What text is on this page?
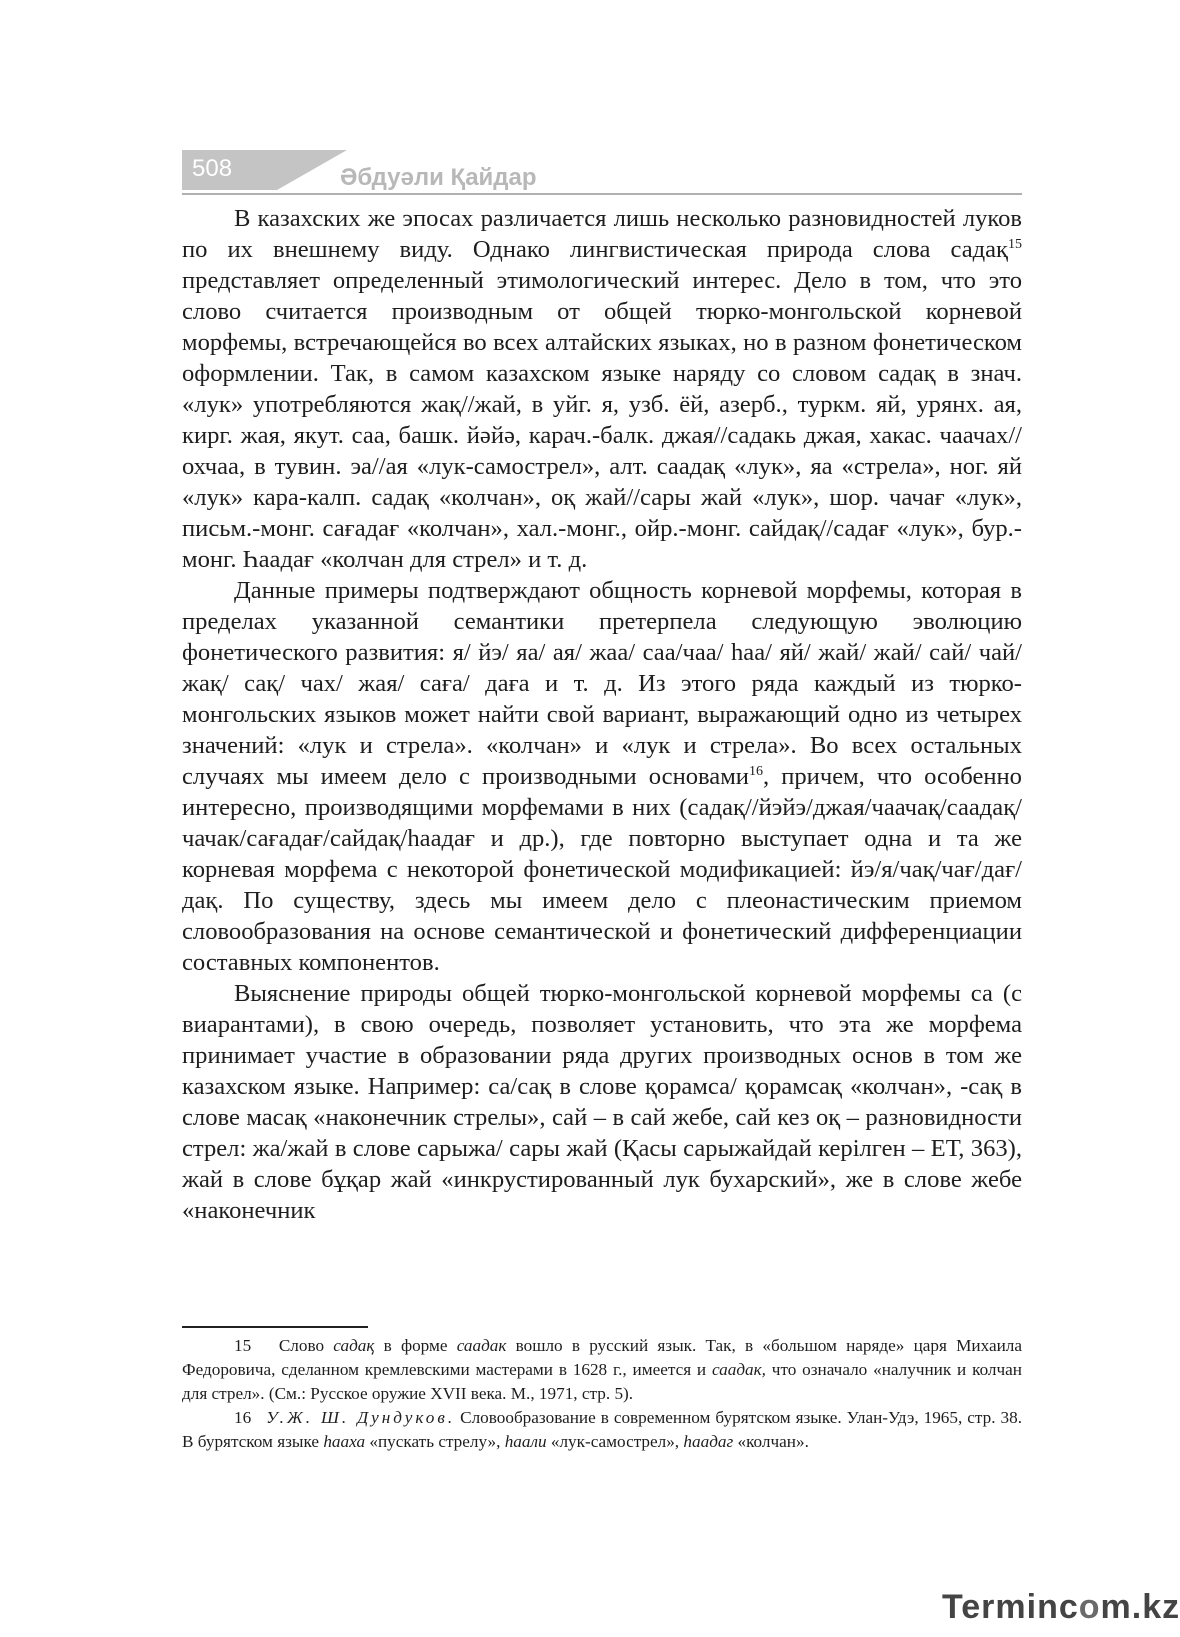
508	Әбдуәли Қайдар

В казахских же эпосах различается лишь несколько разновидностей луков по их внешнему виду. Однако лингвистическая природа слова садақ$^{15}$ представляет определенный этимологический интерес. Дело в том, что это слово считается производным от общей тюрко-монгольской корневой морфемы, встречающейся во всех алтайских языках, но в разном фонетическом оформлении. Так, в самом казахском языке наряду со словом садақ в знач. «лук» употребляются жақ//жай, в уйг. я, узб. ёй, азерб., туркм. яй, урянх. ая, кирг. жая, якут. саа, башк. йәйә, карач.-балк. джая//садакь джая, хакас. чаачах//охчаа, в тувин. эа//ая «лук-самострел», алт. саадақ «лук», яа «стрела», ног. яй «лук» кара-калп. садақ «колчан», оқ жай//сары жай «лук», шор. чачағ «лук», письм.-монг. сағадағ «колчан», хал.-монг., ойр.-монг. сайдақ//садағ «лук», бур.-монг. Һаадағ «колчан для стрел» и т. д.

Данные примеры подтверждают общность корневой морфемы, которая в пределах указанной семантики претерпела следующую эволюцию фонетического развития: я/ йэ/ яа/ ая/ жаа/ саа/чаа/ һаа/ яй/ жай/ жай/ сай/ чай/ жақ/ сақ/ чах/ жая/ сағa/ дағa и т. д. Из этого ряда каждый из тюрко-монгольских языков может найти свой вариант, выражающий одно из четырех значений: «лук и стрела». «колчан» и «лук и стрела». Во всех остальных случаях мы имеем дело с производными основами$^{16}$, причем, что особенно интересно, производящими морфемами в них (садақ//йэйэ/джая/чаачақ/саадақ/чачак/сағадағ/сайдақ/һаадағ и др.), где повторно выступает одна и та же корневая морфема с некоторой фонетической модификацией: йэ/я/чақ/чағ/дағ/дақ. По существу, здесь мы имеем дело с плеонастическим приемом словообразования на основе семантической и фонетический дифференциации составных компонентов.

Выяснение природы общей тюрко-монгольской корневой морфемы са (с виарантами), в свою очередь, позволяет установить, что эта же морфема принимает участие в образовании ряда других производных основ в том же казахском языке. Например: са/сақ в слове қорамса/ қорамсақ «колчан», -сақ в слове масақ «наконечник стрелы», сай – в сай жебе, сай кез оқ – разновидности стрел: жа/жай в слове сарыжа/ сары жай (Қасы сарыжайдай керілген – ЕТ, 363), жай в слове бұқар жай «инкрустированный лук бухарский», же в слове жебе «наконечник

15 Слово садақ в форме саадак вошло в русский язык. Так, в «большом наряде» царя Михаила Федоровича, сделанном кремлевскими мастерами в 1628 г., имеется и саадак, что означало «налучник и колчан для стрел». (См.: Русское оружие XVII века. М., 1971, стр. 5).

16 У.Ж. Ш. Дундуков. Словообразование в современном бурятском языке. Улан-Удэ, 1965, стр. 38. В бурятском языке һааха «пускать стрелу», һаали «лук-самострел», һаадаг «колчан».

Termincom.kz
